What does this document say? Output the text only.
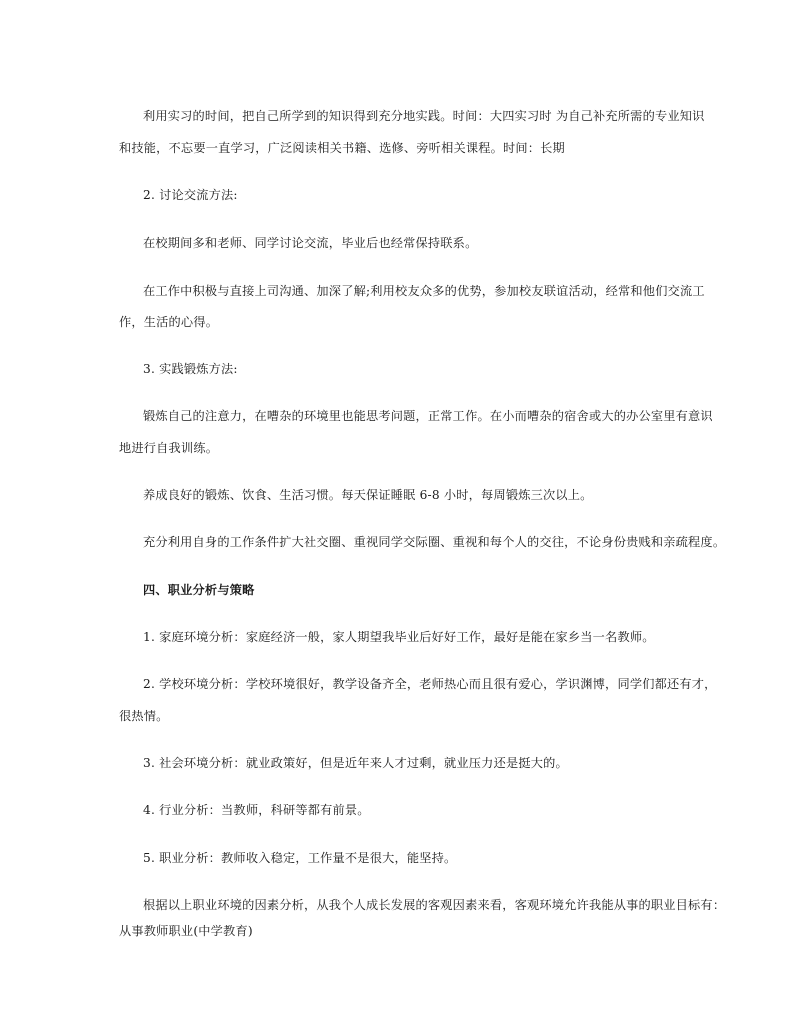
利用实习的时间，把自己所学到的知识得到充分地实践。时间：大四实习时 为自己补充所需的专业知识
和技能，不忘要一直学习，广泛阅读相关书籍、选修、旁听相关课程。时间：长期
2. 讨论交流方法:
在校期间多和老师、同学讨论交流，毕业后也经常保持联系。
在工作中积极与直接上司沟通、加深了解;利用校友众多的优势，参加校友联谊活动，经常和他们交流工
作，生活的心得。
3. 实践锻炼方法:
锻炼自己的注意力，在嘈杂的环境里也能思考问题，正常工作。在小而嘈杂的宿舍或大的办公室里有意识
地进行自我训练。
养成良好的锻炼、饮食、生活习惯。每天保证睡眠 6-8 小时，每周锻炼三次以上。
充分利用自身的工作条件扩大社交圈、重视同学交际圈、重视和每个人的交往，不论身份贵贱和亲疏程度。
四、职业分析与策略
1. 家庭环境分析：家庭经济一般，家人期望我毕业后好好工作，最好是能在家乡当一名教师。
2. 学校环境分析：学校环境很好，教学设备齐全，老师热心而且很有爱心，学识渊博，同学们都还有才，
很热情。
3. 社会环境分析：就业政策好，但是近年来人才过剩，就业压力还是挺大的。
4. 行业分析：当教师，科研等都有前景。
5. 职业分析：教师收入稳定，工作量不是很大，能坚持。
根据以上职业环境的因素分析，从我个人成长发展的客观因素来看，客观环境允许我能从事的职业目标有：
从事教师职业(中学教育)
